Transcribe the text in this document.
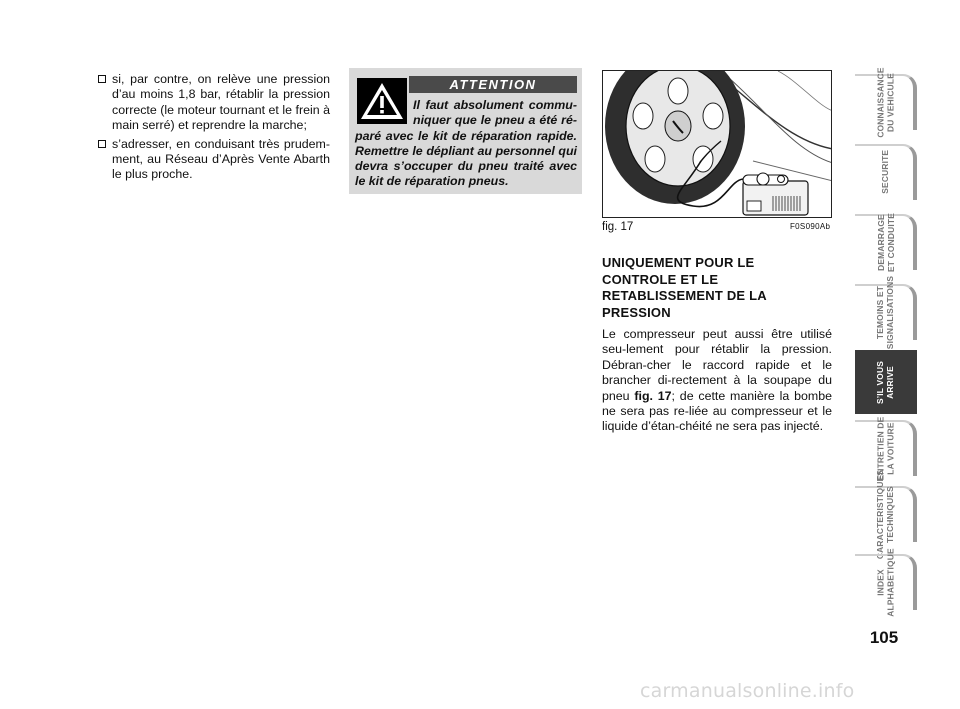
si, par contre, on relève une pression d’au moins 1,8 bar, rétablir la pression correcte (le moteur tournant et le frein à main serré) et reprendre la marche;
s’adresser, en conduisant très prudem-ment, au Réseau d’Après Vente Abarth le plus proche.
ATTENTION
Il faut absolument commu-niquer que le pneu a été ré-paré avec le kit de réparation rapide. Remettre le dépliant au personnel qui devra s’occuper du pneu traité avec le kit de réparation pneus.
fig. 17	F0S090Ab
UNIQUEMENT POUR LE CONTROLE ET LE RETABLISSEMENT DE LA PRESSION
Le compresseur peut aussi être utilisé seu-lement pour rétablir la pression. Débran-cher le raccord rapide et le brancher di-rectement à la soupape du pneu fig. 17; de cette manière la bombe ne sera pas re-liée au compresseur et le liquide d’étan-chéité ne sera pas injecté.
CONNAISSANCE
DU VEHICULE
SECURITE
DEMARRAGE
ET CONDUITE
TEMOINS ET
SIGNALISATIONS
S’IL VOUS
ARRIVE
ENTRETIEN DE
LA VOITURE
CARACTERISTIQUES
TECHNIQUES
INDEX
ALPHABETIQUE
105
carmanualsonline.info
